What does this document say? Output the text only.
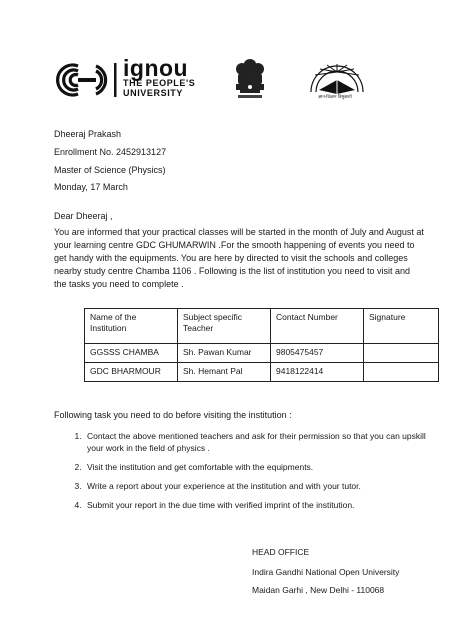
ignou
THE PEOPLE'S
UNIVERSITY	ज्ञान-विज्ञान विमुक्तये
Dheeraj Prakash
Enrollment No. 2452913127
Master of Science (Physics)
Monday, 17 March
Dear Dheeraj ,
You are informed that your practical classes will be started in the month of July and August at your learning centre GDC GHUMARWIN .For the smooth happening of events you need to get handy with the equipments. You are here by directed to visit the schools and colleges nearby study centre Chamba 1106 . Following is the list of institution you need to visit and the tasks you need to complete .
Name of the Institution	Subject specific Teacher	Contact Number	Signature
GGSSS CHAMBA	Sh. Pawan Kumar	9805475457	
GDC BHARMOUR	Sh. Hemant Pal	9418122414	
Following task you need to do before visiting the institution :
1. Contact the above mentioned teachers and ask for their permission so that you can upskill your work in the field of physics .
2. Visit the institution and get comfortable with the equipments.
3. Write a report about your experience at the institution and with your tutor.
4. Submit your report in the due time with verified imprint of the institution.
HEAD OFFICE
Indira Gandhi National Open University
Maidan Garhi , New Delhi - 110068
